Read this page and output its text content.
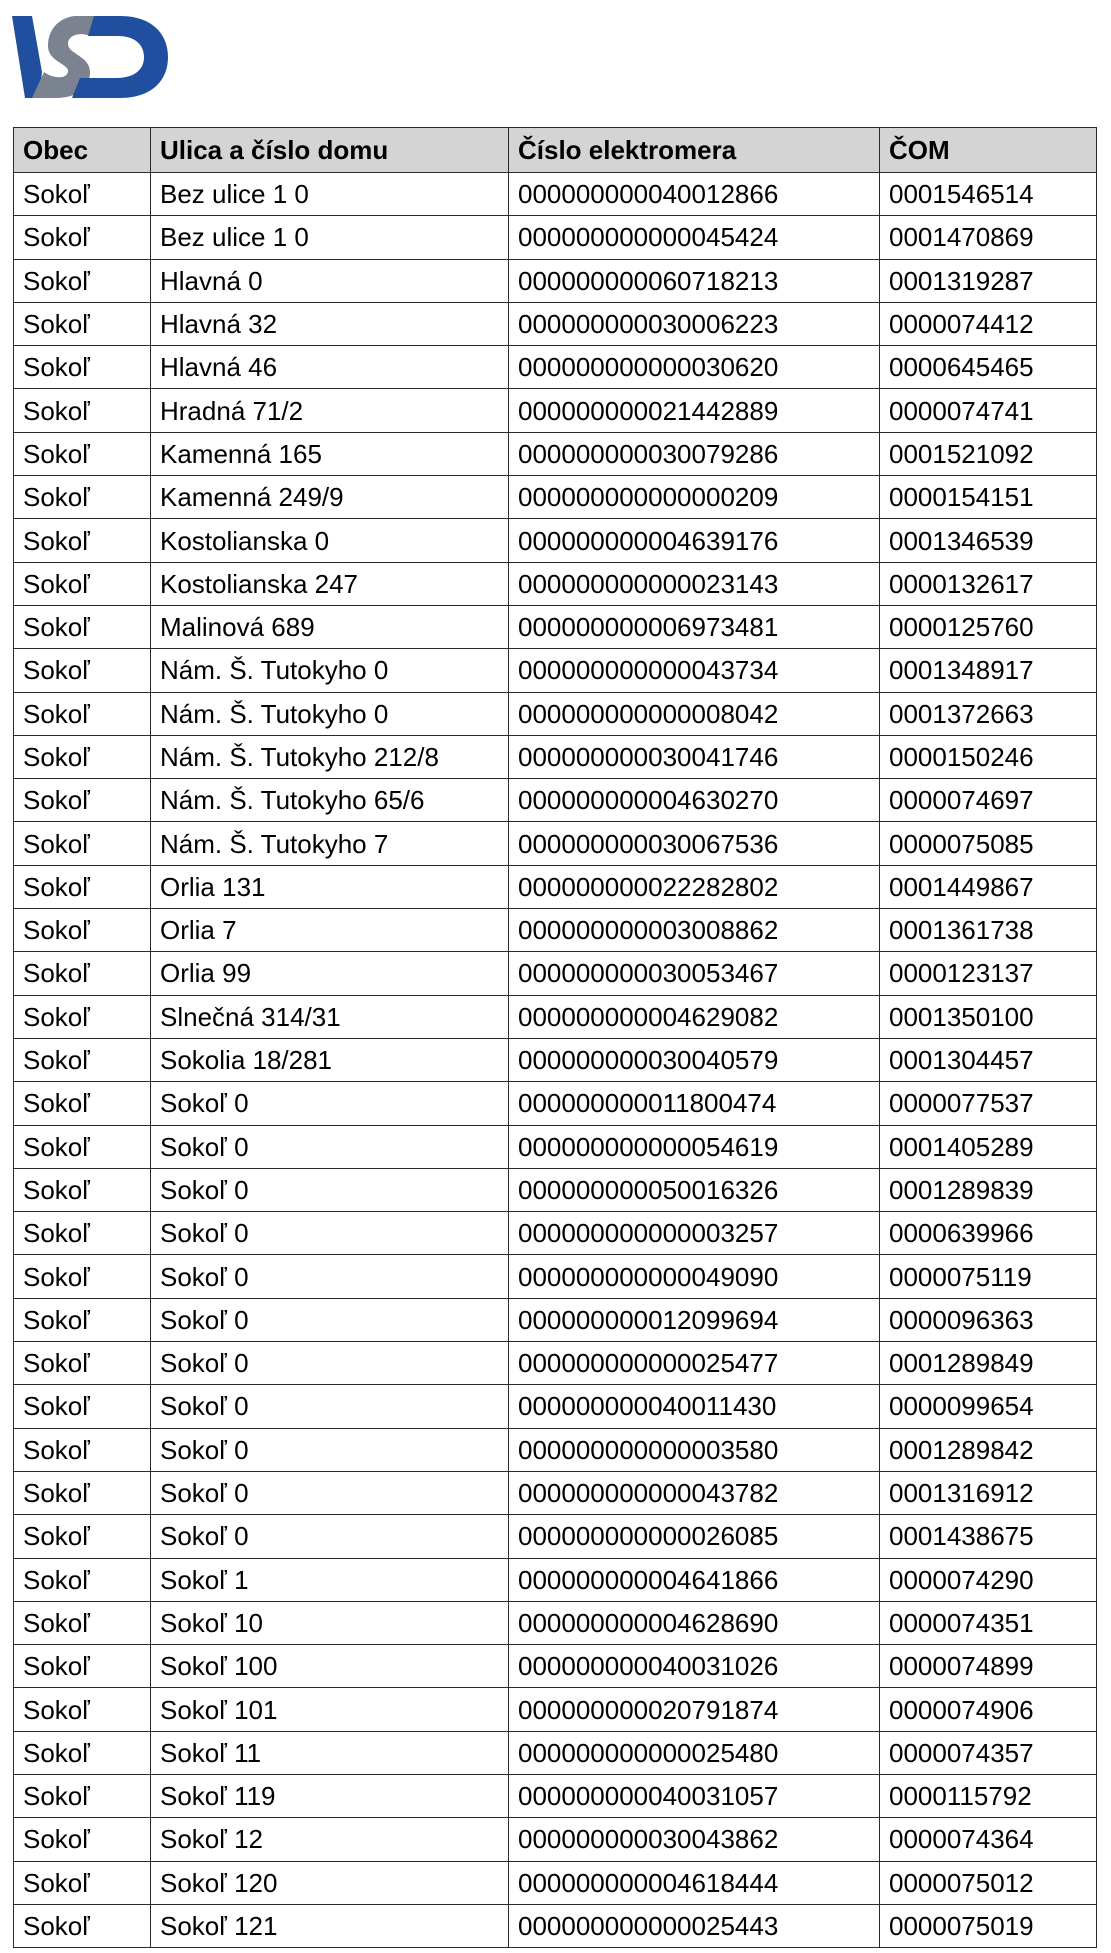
Obec	Ulica a číslo domu	Číslo elektromera	ČOM
Sokoľ	Bez ulice 1 0	000000000040012866	0001546514
Sokoľ	Bez ulice 1 0	000000000000045424	0001470869
Sokoľ	Hlavná 0	000000000060718213	0001319287
Sokoľ	Hlavná 32	000000000030006223	0000074412
Sokoľ	Hlavná 46	000000000000030620	0000645465
Sokoľ	Hradná 71/2	000000000021442889	0000074741
Sokoľ	Kamenná 165	000000000030079286	0001521092
Sokoľ	Kamenná 249/9	000000000000000209	0000154151
Sokoľ	Kostolianska 0	000000000004639176	0001346539
Sokoľ	Kostolianska 247	000000000000023143	0000132617
Sokoľ	Malinová 689	000000000006973481	0000125760
Sokoľ	Nám. Š. Tutokyho 0	000000000000043734	0001348917
Sokoľ	Nám. Š. Tutokyho 0	000000000000008042	0001372663
Sokoľ	Nám. Š. Tutokyho 212/8	000000000030041746	0000150246
Sokoľ	Nám. Š. Tutokyho 65/6	000000000004630270	0000074697
Sokoľ	Nám. Š. Tutokyho 7	000000000030067536	0000075085
Sokoľ	Orlia 131	000000000022282802	0001449867
Sokoľ	Orlia 7	000000000003008862	0001361738
Sokoľ	Orlia 99	000000000030053467	0000123137
Sokoľ	Slnečná 314/31	000000000004629082	0001350100
Sokoľ	Sokolia 18/281	000000000030040579	0001304457
Sokoľ	Sokoľ 0	000000000011800474	0000077537
Sokoľ	Sokoľ 0	000000000000054619	0001405289
Sokoľ	Sokoľ 0	000000000050016326	0001289839
Sokoľ	Sokoľ 0	000000000000003257	0000639966
Sokoľ	Sokoľ 0	000000000000049090	0000075119
Sokoľ	Sokoľ 0	000000000012099694	0000096363
Sokoľ	Sokoľ 0	000000000000025477	0001289849
Sokoľ	Sokoľ 0	000000000040011430	0000099654
Sokoľ	Sokoľ 0	000000000000003580	0001289842
Sokoľ	Sokoľ 0	000000000000043782	0001316912
Sokoľ	Sokoľ 0	000000000000026085	0001438675
Sokoľ	Sokoľ 1	000000000004641866	0000074290
Sokoľ	Sokoľ 10	000000000004628690	0000074351
Sokoľ	Sokoľ 100	000000000040031026	0000074899
Sokoľ	Sokoľ 101	000000000020791874	0000074906
Sokoľ	Sokoľ 11	000000000000025480	0000074357
Sokoľ	Sokoľ 119	000000000040031057	0000115792
Sokoľ	Sokoľ 12	000000000030043862	0000074364
Sokoľ	Sokoľ 120	000000000004618444	0000075012
Sokoľ	Sokoľ 121	000000000000025443	0000075019
